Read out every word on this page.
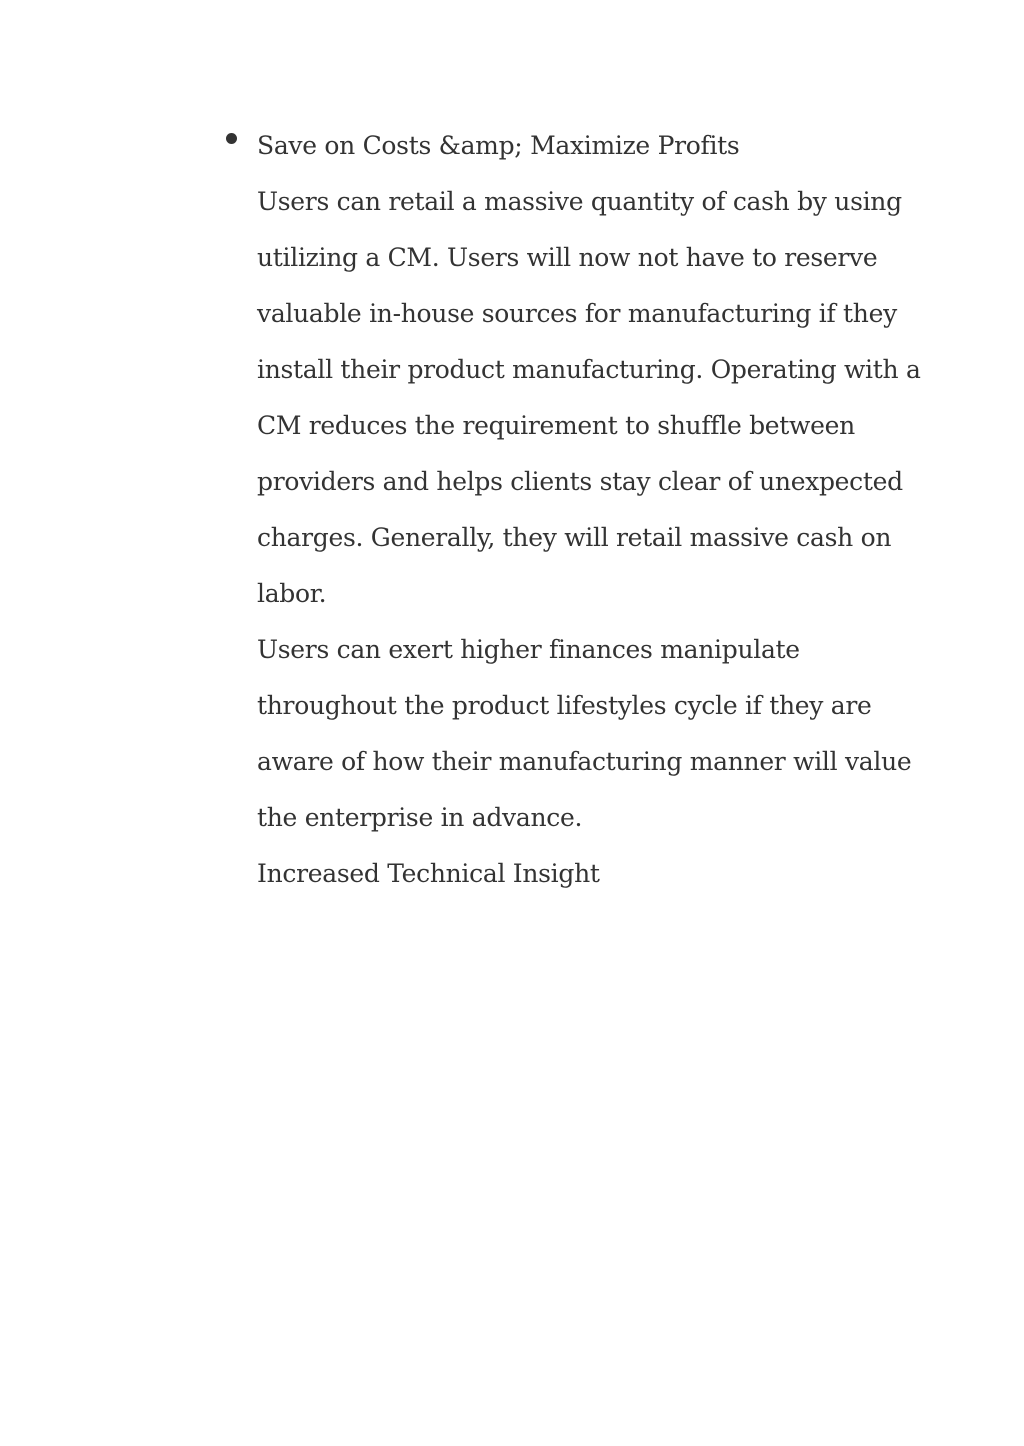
Save on Costs &amp; Maximize Profits
Users can retail a massive quantity of cash by using
utilizing a CM. Users will now not have to reserve
valuable in-house sources for manufacturing if they
install their product manufacturing. Operating with a
CM reduces the requirement to shuffle between
providers and helps clients stay clear of unexpected
charges. Generally, they will retail massive cash on
labor.
Users can exert higher finances manipulate
throughout the product lifestyles cycle if they are
aware of how their manufacturing manner will value
the enterprise in advance.
Increased Technical Insight
